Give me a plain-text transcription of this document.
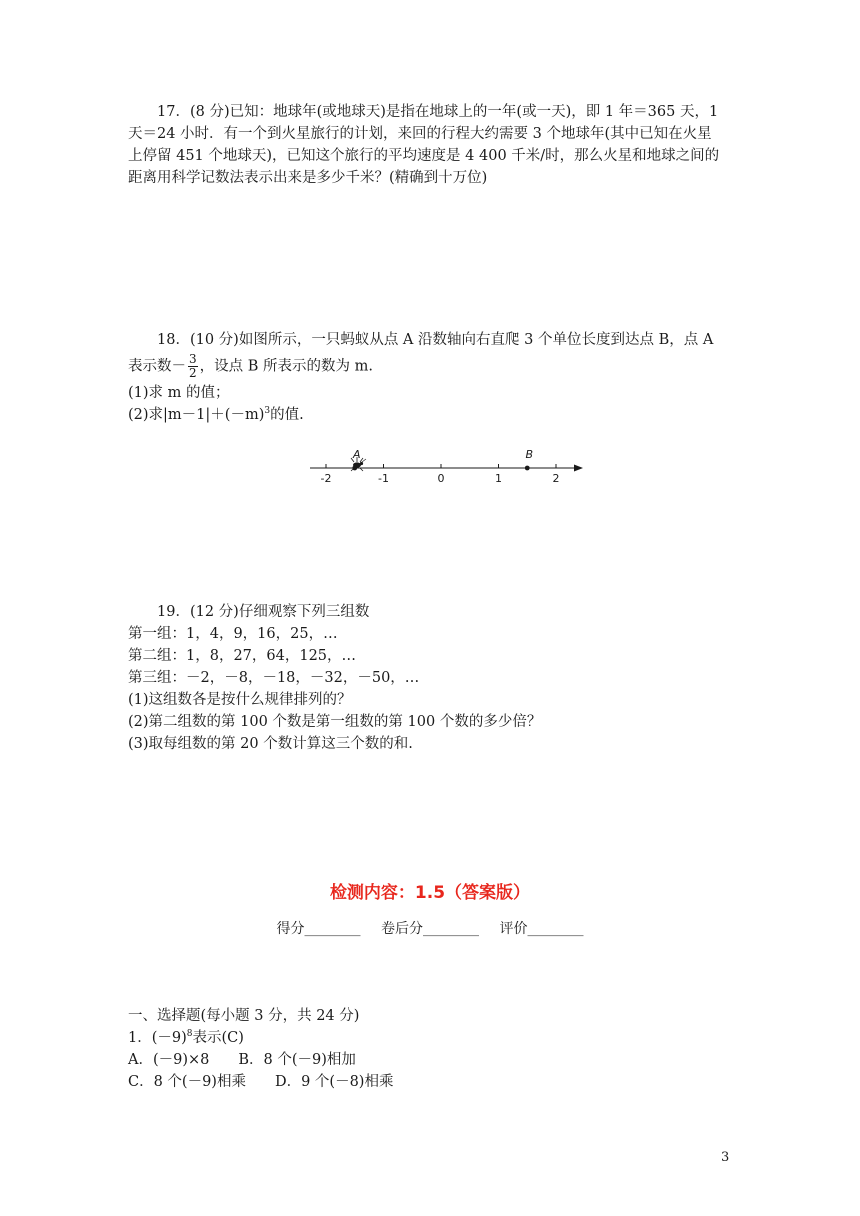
17．(8 分)已知：地球年(或地球天)是指在地球上的一年(或一天)，即 1 年＝365 天，1

天＝24 小时．有一个到火星旅行的计划，来回的行程大约需要 3 个地球年(其中已知在火星

上停留 451 个地球天)，已知这个旅行的平均速度是 4 400 千米/时，那么火星和地球之间的

距离用科学记数法表示出来是多少千米？(精确到十万位)

18．(10 分)如图所示，一只蚂蚁从点 A 沿数轴向右直爬 3 个单位长度到达点 B，点 A

表示数－ $\frac{3}{2}$ ，设点 B 所表示的数为 m.

(1)求 m 的值；

(2)求$|m-1|+(-m)^3$的值.

-2	-1	0	1	2
A	B

19．(12 分)仔细观察下列三组数

第一组：1，4，9，16，25，…

第二组：1，8，27，64，125，…

第三组：－2，－8，－18，－32，－50，…

(1)这组数各是按什么规律排列的？

(2)第二组数的第 100 个数是第一组数的第 100 个数的多少倍？

(3)取每组数的第 20 个数计算这三个数的和.

检测内容：1.5（答案版）
得分________ 卷后分________ 评价________

一、选择题(每小题 3 分，共 24 分)

1．$(-9)^8$表示(C)

A．(－9)×8　　B．8 个(－9)相加

C．8 个(－9)相乘　　D．9 个(－8)相乘

3
